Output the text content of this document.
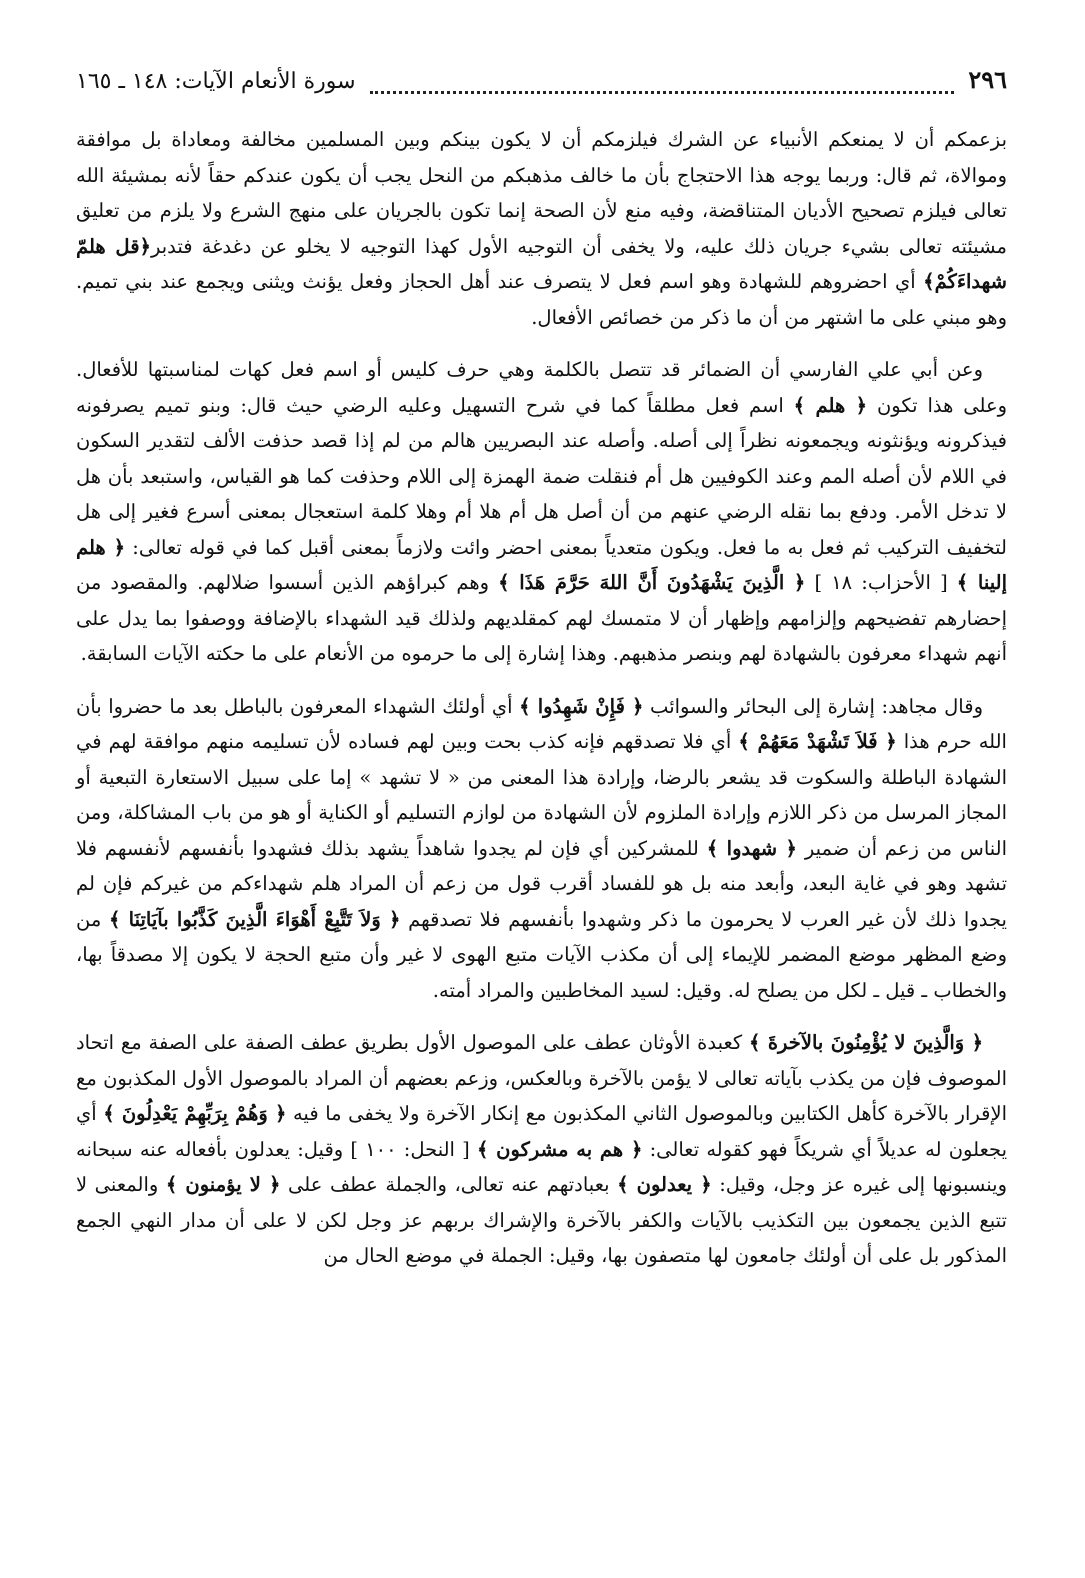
٢٩٦
سورة الأنعام الآيات: ١٤٨ ـ ١٦٥

بزعمكم أن لا يمنعكم الأنبياء عن الشرك فيلزمكم أن لا يكون بينكم وبين المسلمين مخالفة ومعاداة بل موافقة وموالاة، ثم قال: وربما يوجه هذا الاحتجاج بأن ما خالف مذهبكم من النحل يجب أن يكون عندكم حقاً لأنه بمشيئة الله تعالى فيلزم تصحيح الأديان المتناقضة، وفيه منع لأن الصحة إنما تكون بالجريان على منهج الشرع ولا يلزم من تعليق مشيئته تعالى بشيء جريان ذلك عليه، ولا يخفى أن التوجيه الأول كهذا التوجيه لا يخلو عن دغدغة فتدبر﴿قل هلمّ شهداءَكُمْ﴾ أي احضروهم للشهادة وهو اسم فعل لا يتصرف عند أهل الحجاز وفعل يؤنث ويثنى ويجمع عند بني تميم. وهو مبني على ما اشتهر من أن ما ذكر من خصائص الأفعال.

وعن أبي علي الفارسي أن الضمائر قد تتصل بالكلمة وهي حرف كليس أو اسم فعل كهات لمناسبتها للأفعال. وعلى هذا تكون ﴿ هلم ﴾ اسم فعل مطلقاً كما في شرح التسهيل وعليه الرضي حيث قال: وبنو تميم يصرفونه فيذكرونه ويؤنثونه ويجمعونه نظراً إلى أصله. وأصله عند البصريين هالم من لم إذا قصد حذفت الألف لتقدير السكون في اللام لأن أصله المم وعند الكوفيين هل أم فنقلت ضمة الهمزة إلى اللام وحذفت كما هو القياس، واستبعد بأن هل لا تدخل الأمر. ودفع بما نقله الرضي عنهم من أن أصل هل أم هلا أم وهلا كلمة استعجال بمعنى أسرع فغير إلى هل لتخفيف التركيب ثم فعل به ما فعل. ويكون متعدياً بمعنى احضر وائت ولازماً بمعنى أقبل كما في قوله تعالى: ﴿ هلم إلينا ﴾ [ الأحزاب: ١٨ ] ﴿ الَّذِينَ يَشْهَدُونَ أَنَّ اللهَ حَرَّمَ هَذَا ﴾ وهم كبراؤهم الذين أسسوا ضلالهم. والمقصود من إحضارهم تفضيحهم وإلزامهم وإظهار أن لا متمسك لهم كمقلديهم ولذلك قيد الشهداء بالإضافة ووصفوا بما يدل على أنهم شهداء معرفون بالشهادة لهم وبنصر مذهبهم. وهذا إشارة إلى ما حرموه من الأنعام على ما حكته الآيات السابقة.

وقال مجاهد: إشارة إلى البحائر والسوائب ﴿ فَإِنْ شَهِدُوا ﴾ أي أولئك الشهداء المعرفون بالباطل بعد ما حضروا بأن الله حرم هذا ﴿ فَلاَ تَشْهَدْ مَعَهُمْ ﴾ أي فلا تصدقهم فإنه كذب بحت وبين لهم فساده لأن تسليمه منهم موافقة لهم في الشهادة الباطلة والسكوت قد يشعر بالرضا، وإرادة هذا المعنى من « لا تشهد » إما على سبيل الاستعارة التبعية أو المجاز المرسل من ذكر اللازم وإرادة الملزوم لأن الشهادة من لوازم التسليم أو الكناية أو هو من باب المشاكلة، ومن الناس من زعم أن ضمير ﴿ شهدوا ﴾ للمشركين أي فإن لم يجدوا شاهداً يشهد بذلك فشهدوا بأنفسهم لأنفسهم فلا تشهد وهو في غاية البعد، وأبعد منه بل هو للفساد أقرب قول من زعم أن المراد هلم شهداءكم من غيركم فإن لم يجدوا ذلك لأن غير العرب لا يحرمون ما ذكر وشهدوا بأنفسهم فلا تصدقهم ﴿ وَلاَ تَتَّبِعْ أَهْوَاءَ الَّذِينَ كَذَّبُوا بآيَاتِنَا ﴾ من وضع المظهر موضع المضمر للإيماء إلى أن مكذب الآيات متبع الهوى لا غير وأن متبع الحجة لا يكون إلا مصدقاً بها، والخطاب ـ قيل ـ لكل من يصلح له. وقيل: لسيد المخاطبين والمراد أمته.

﴿ وَالَّذِينَ لا يُؤْمِنُونَ بالآخرةَ ﴾ كعبدة الأوثان عطف على الموصول الأول بطريق عطف الصفة على الصفة مع اتحاد الموصوف فإن من يكذب بآياته تعالى لا يؤمن بالآخرة وبالعكس، وزعم بعضهم أن المراد بالموصول الأول المكذبون مع الإقرار بالآخرة كأهل الكتابين وبالموصول الثاني المكذبون مع إنكار الآخرة ولا يخفى ما فيه ﴿ وَهُمْ بِرَبِّهِمْ يَعْدِلُونَ ﴾ أي يجعلون له عديلاً أي شريكاً فهو كقوله تعالى: ﴿ هم به مشركون ﴾ [ النحل: ١٠٠ ] وقيل: يعدلون بأفعاله عنه سبحانه وينسبونها إلى غيره عز وجل، وقيل: ﴿ يعدلون ﴾ بعبادتهم عنه تعالى، والجملة عطف على ﴿ لا يؤمنون ﴾ والمعنى لا تتبع الذين يجمعون بين التكذيب بالآيات والكفر بالآخرة والإشراك بربهم عز وجل لكن لا على أن مدار النهي الجمع المذكور بل على أن أولئك جامعون لها متصفون بها، وقيل: الجملة في موضع الحال من
